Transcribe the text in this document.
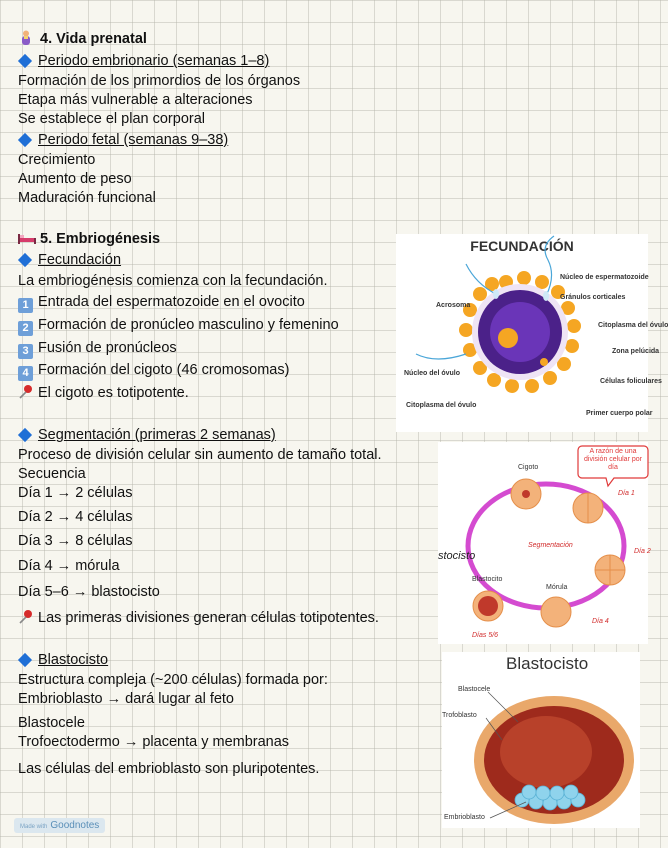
4. Vida prenatal
Periodo embrionario (semanas 1–8)
Formación de los primordios de los órganos
Etapa más vulnerable a alteraciones
Se establece el plan corporal
Periodo fetal (semanas 9–38)
Crecimiento
Aumento de peso
Maduración funcional
5. Embriogénesis
Fecundación
La embriogénesis comienza con la fecundación.
1 Entrada del espermatozoide en el ovocito
2 Formación de pronúcleo masculino y femenino
3 Fusión de pronúcleos
4 Formación del cigoto (46 cromosomas)
El cigoto es totipotente.
Segmentación (primeras 2 semanas)
Proceso de división celular sin aumento de tamaño total.
Secuencia
Día 1 → 2 células
Día 2 → 4 células
Día 3 → 8 células
Día 4 → mórula
Día 5–6 → blastocisto
Las primeras divisiones generan células totipotentes.
Blastocisto
Estructura compleja (~200 células) formada por:
Embrioblasto → dará lugar al feto
Blastocele
Trofoectodermo → placenta y membranas
Las células del embrioblasto son pluripotentes.
FECUNDACIÓN
Núcleo de espermatozoide
Gránulos corticales
Acrosoma
Citoplasma del óvulo
Zona pelúcida
Núcleo del óvulo
Células foliculares
Citoplasma del óvulo
Primer cuerpo polar
A razón de una división celular por día
Cigoto
Día 1
Segmentación
Día 2
stocisto
Blastocito
Mórula
Día 4
Días 5/6
Blastocisto
Blastocele
Trofoblasto
Embrioblasto
Made with Goodnotes
